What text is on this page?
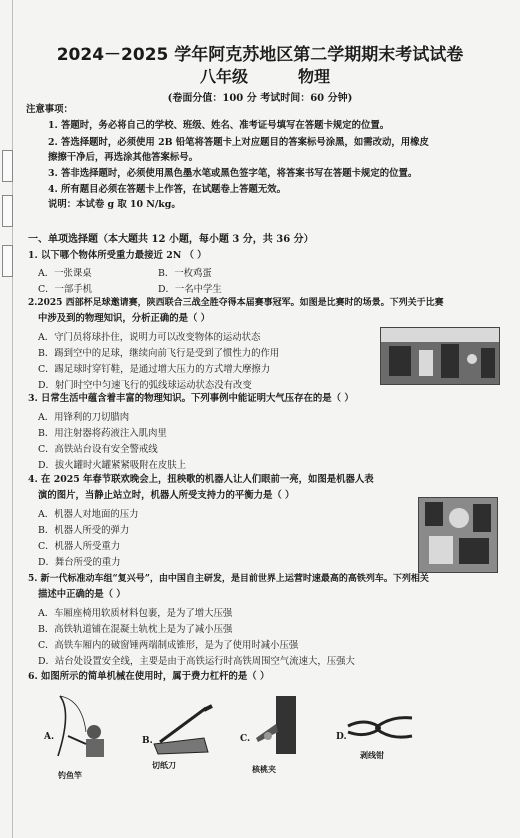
2024－2025 学年阿克苏地区第二学期期末考试试卷
八年级	物理
(卷面分值：100 分 考试时间：60 分钟)
注意事项：
1. 答题时，务必将自己的学校、班级、姓名、准考证号填写在答题卡规定的位置。
2. 答选择题时，必须使用 2B 铅笔将答题卡上对应题目的答案标号涂黑，如需改动，用橡皮
擦擦干净后，再选涂其他答案标号。
3. 答非选择题时，必须使用黑色墨水笔或黑色签字笔，将答案书写在答题卡规定的位置。
4. 所有题目必须在答题卡上作答，在试题卷上答题无效。
说明：本试卷 g 取 10 N/kg。
一、单项选择题（本大题共 12 小题，每小题 3 分，共 36 分）
1. 以下哪个物体所受重力最接近 2N （ ）
A．一张课桌	B．一枚鸡蛋
C．一部手机	D．一名中学生
2.2025 西部杯足球邀请赛，陕西联合三战全胜夺得本届赛事冠军。如图是比赛时的场景。下列关于比赛
中涉及到的物理知识，分析正确的是（ ）
A．守门员将球扑住，说明力可以改变物体的运动状态
B．踢到空中的足球，继续向前飞行是受到了惯性力的作用
C．踢足球时穿钉鞋，是通过增大压力的方式增大摩擦力
D．射门时空中匀速飞行的弧线球运动状态没有改变
3. 日常生活中蕴含着丰富的物理知识。下列事例中能证明大气压存在的是（ ）
A．用锋利的刀切腊肉
B．用注射器将药液注入肌肉里
C．高铁站台设有安全警戒线
D．拔火罐时火罐紧紧吸附在皮肤上
4. 在 2025 年春节联欢晚会上，扭秧歌的机器人让人们眼前一亮，如图是机器人表
演的图片，当静止站立时，机器人所受支持力的平衡力是（ ）
A．机器人对地面的压力
B．机器人所受的弹力
C．机器人所受重力
D．舞台所受的重力
5. 新一代标准动车组“复兴号”，由中国自主研发，是目前世界上运营时速最高的高铁列车。下列相关
描述中正确的是（ ）
A．车厢座椅用软质材料包裹，是为了增大压强
B．高铁轨道铺在混凝土轨枕上是为了减小压强
C．高铁车厢内的破窗锤两端制成锥形，是为了使用时减小压强
D．站台处设置安全线，主要是由于高铁运行时高铁周围空气流速大，压强大
6. 如图所示的简单机械在使用时，属于费力杠杆的是（ ）
A.
钓鱼竿
B.
切纸刀
C.
核桃夹
D.
剥线钳
